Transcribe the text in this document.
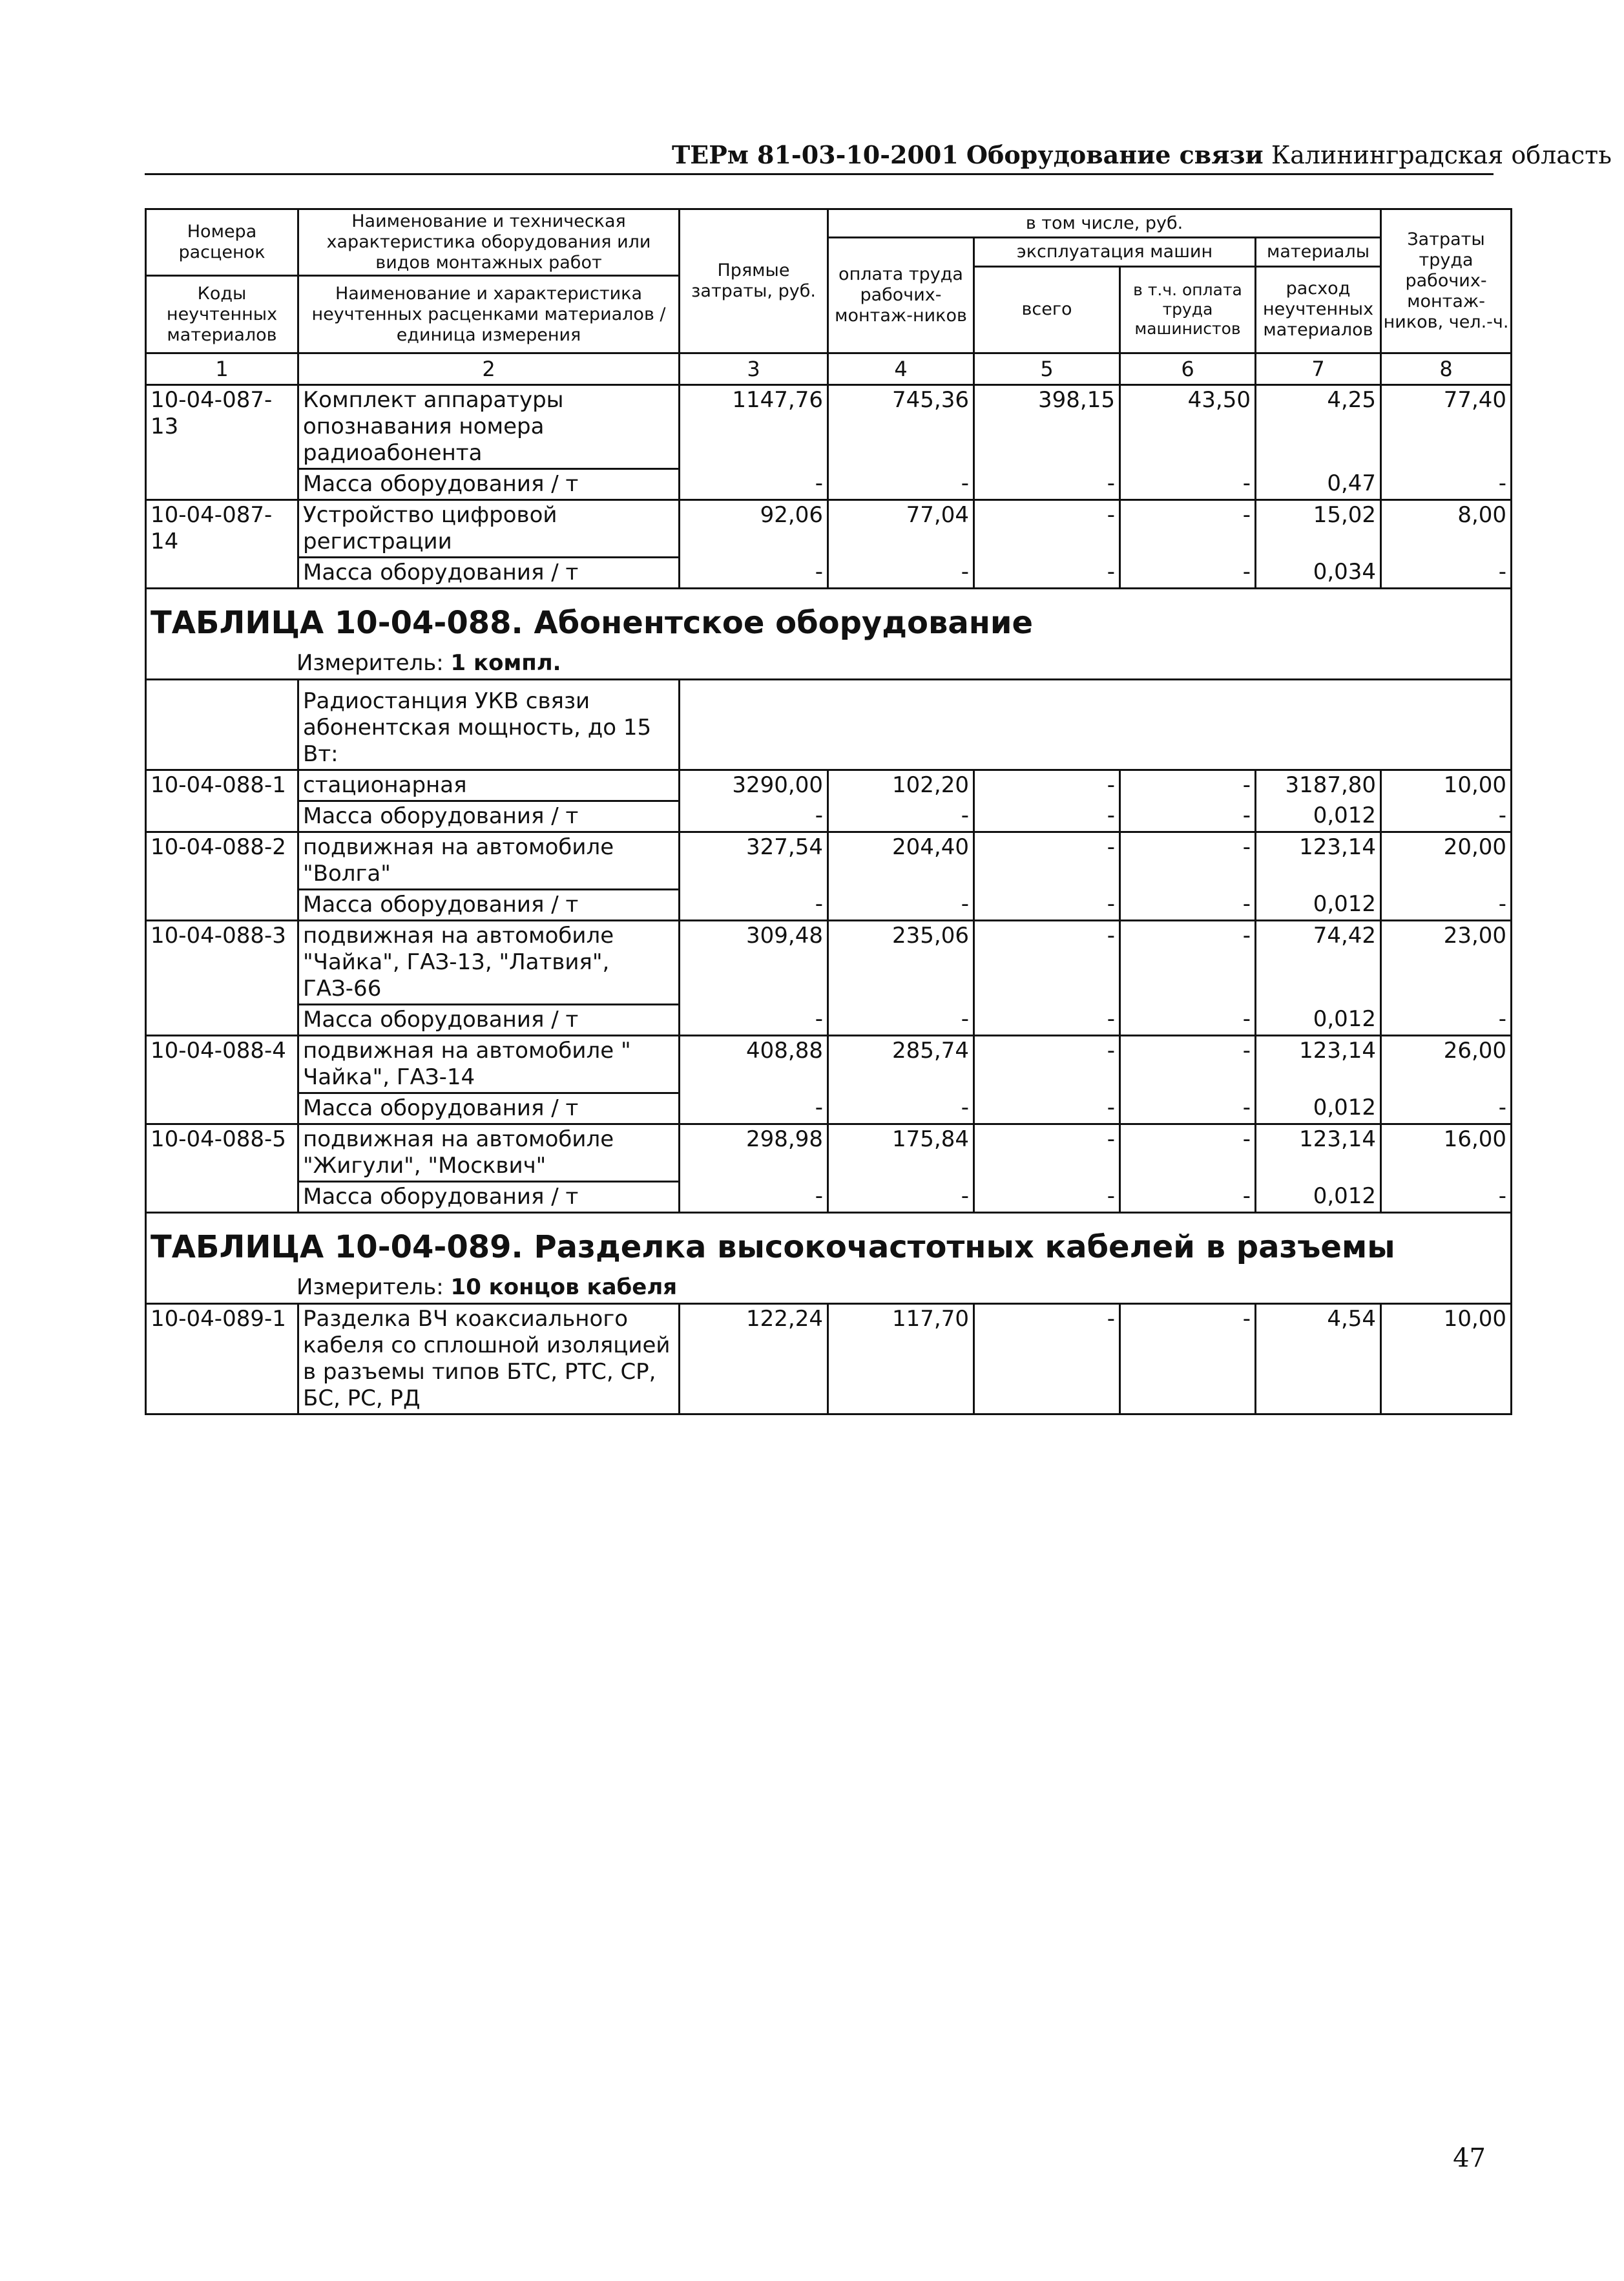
ТЕРм 81-03-10-2001 Оборудование связи Калининградская область
Номера расценок	Наименование и техническая характеристика оборудования или видов монтажных работ	Прямые затраты, руб.	в том числе, руб.				Затраты труда рабочих-монтаж-ников, чел.-ч.
			оплата труда рабочих-монтаж-ников	эксплуатация машин		материалы	
				всего	в т.ч. оплата труда машинистов	расход неучтенных материалов	
Коды неучтенных материалов	Наименование и характеристика неучтенных расценками материалов / единица измерения						

1	2	3	4	5	6	7	8
10-04-087-13	Комплект аппаратуры опознавания номера радиоабонента	1147,76	745,36	398,15	43,50	4,25	77,40
	Масса оборудования / т	-	-	-	-	0,47	-
10-04-087-14	Устройство цифровой регистрации	92,06	77,04	-	-	15,02	8,00
	Масса оборудования / т	-	-	-	-	0,034	-
ТАБЛИЦА 10-04-088. Абонентское оборудование							
Измеритель: 1 компл.							
	Радиостанция УКВ связи абонентская мощность, до 15 Вт:						
10-04-088-1	стационарная	3290,00	102,20	-	-	3187,80	10,00
	Масса оборудования / т	-	-	-	-	0,012	-
10-04-088-2	подвижная на автомобиле "Волга"	327,54	204,40	-	-	123,14	20,00
	Масса оборудования / т	-	-	-	-	0,012	-
10-04-088-3	подвижная на автомобиле "Чайка", ГАЗ-13, "Латвия", ГАЗ-66	309,48	235,06	-	-	74,42	23,00
	Масса оборудования / т	-	-	-	-	0,012	-
10-04-088-4	подвижная на автомобиле " Чайка", ГАЗ-14	408,88	285,74	-	-	123,14	26,00
	Масса оборудования / т	-	-	-	-	0,012	-
10-04-088-5	подвижная на автомобиле "Жигули", "Москвич"	298,98	175,84	-	-	123,14	16,00
	Масса оборудования / т	-	-	-	-	0,012	-
ТАБЛИЦА 10-04-089. Разделка высокочастотных кабелей в разъемы							
Измеритель: 10 концов кабеля							
10-04-089-1	Разделка ВЧ коаксиального кабеля со сплошной изоляцией в разъемы типов БТС, РТС, СР, БС, РС, РД	122,24	117,70	-	-	4,54	10,00
47
